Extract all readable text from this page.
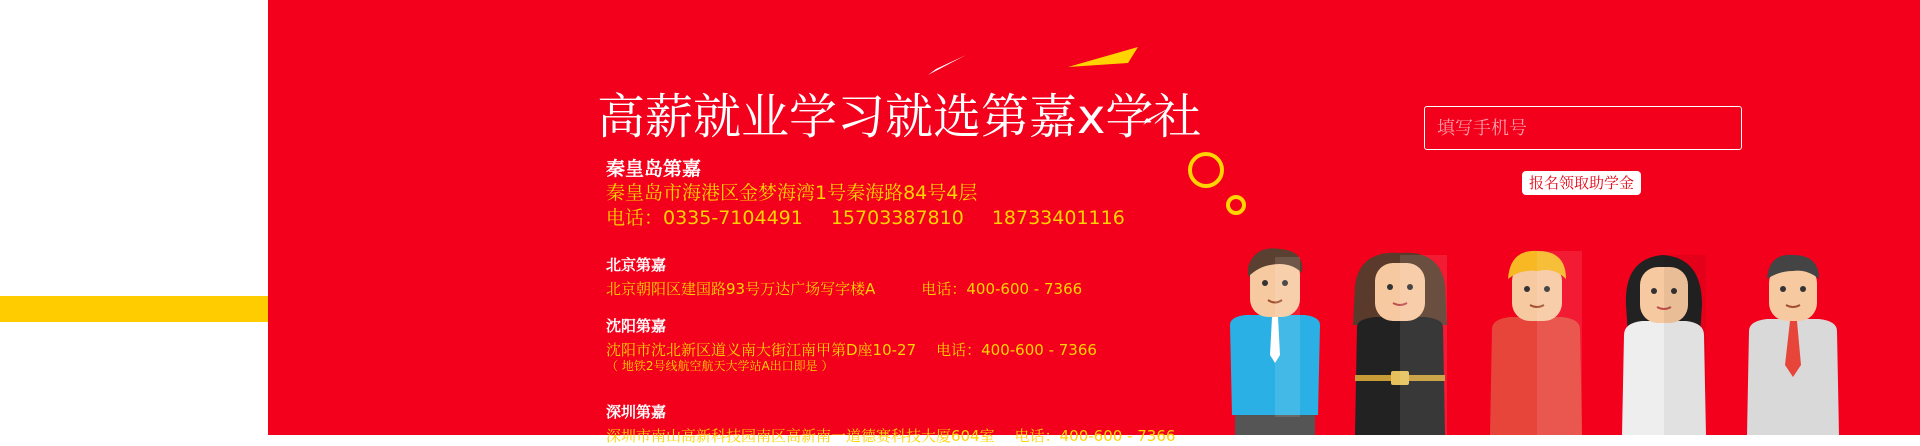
高薪就业学习就选第嘉x学社
秦皇岛第嘉
秦皇岛市海港区金梦海湾1号秦海路84号4层
电话：0335-7104491 15703387810 18733401116
北京第嘉
北京朝阳区建国路93号万达广场写字楼A	电话：400-600 - 7366
沈阳第嘉
沈阳市沈北新区道义南大街江南甲第D座10-27 电话：400-600 - 7366
（ 地铁2号线航空航天大学站A出口即是 ）
深圳第嘉
深圳市南山高新科技园南区高新南一道德赛科技大厦604室 电话：400-600 - 7366
填写手机号
报名领取助学金
